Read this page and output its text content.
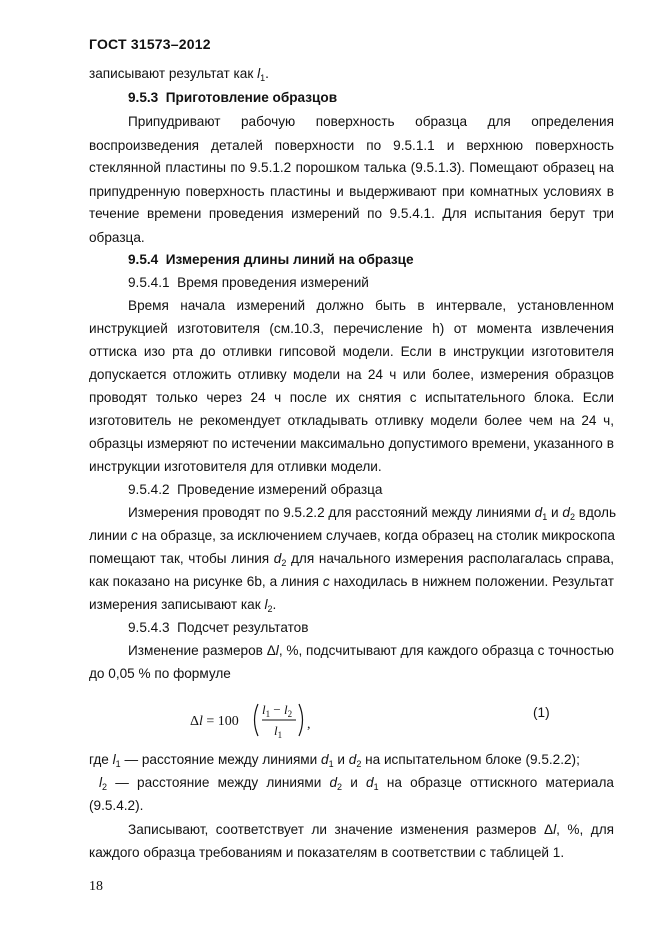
ГОСТ 31573–2012
записывают результат как $l_1$.
9.5.3  Приготовление образцов
Припудривают рабочую поверхность образца для определения
воспроизведения деталей поверхности по 9.5.1.1 и верхнюю поверхность
стеклянной пластины по 9.5.1.2 порошком талька (9.5.1.3). Помещают образец на
припудренную поверхность пластины и выдерживают при комнатных условиях в
течение времени проведения измерений по 9.5.4.1. Для испытания берут три
образца.
9.5.4  Измерения длины линий на образце
9.5.4.1  Время проведения измерений
Время начала измерений должно быть в интервале, установленном
инструкцией изготовителя (см.10.3, перечисление h) от момента извлечения
оттиска изо рта до отливки гипсовой модели. Если в инструкции изготовителя
допускается отложить отливку модели на 24 ч или более, измерения образцов
проводят только через 24 ч после их снятия с испытательного блока. Если
изготовитель не рекомендует откладывать отливку модели более чем на 24 ч,
образцы измеряют по истечении максимально допустимого времени, указанного в
инструкции изготовителя для отливки модели.
9.5.4.2  Проведение измерений образца
Измерения проводят по 9.5.2.2 для расстояний между линиями $d_1$ и $d_2$ вдоль
линии с на образце, за исключением случаев, когда образец на столик микроскопа
помещают так, чтобы линия $d_2$ для начального измерения располагалась справа,
как показано на рисунке 6b, а линия с находилась в нижнем положении. Результат
измерения записывают как $l_2$.
9.5.4.3  Подсчет результатов
Изменение размеров Δl, %, подсчитывают для каждого образца с точностью
до 0,05 % по формуле
Δl = 100
$l_1 - l_2$
$l_1$
,
(1)
где $l_1$ — расстояние между линиями $d_1$ и $d_2$ на испытательном блоке (9.5.2.2);
$l_2$ — расстояние между линиями $d_2$ и $d_1$ на образце оттискного материала
(9.5.4.2).
Записывают, соответствует ли значение изменения размеров Δl, %, для
каждого образца требованиям и показателям в соответствии с таблицей 1.
18
